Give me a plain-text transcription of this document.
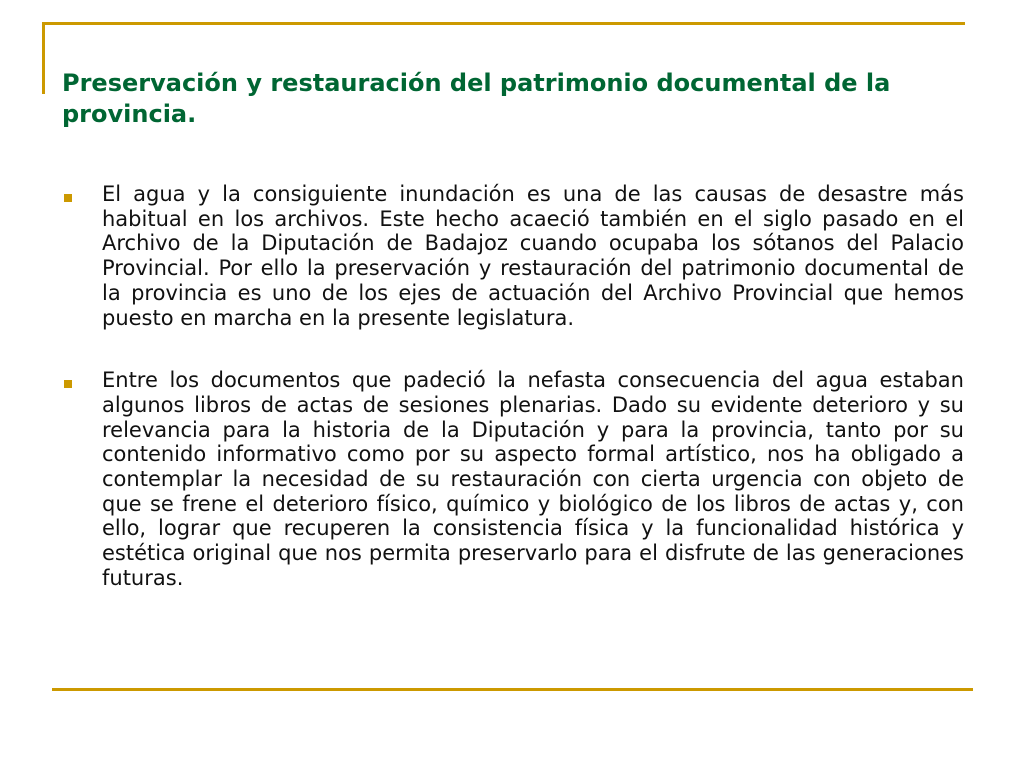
Preservación y restauración del patrimonio documental de la provincia.
El agua y la consiguiente inundación es una de las causas de desastre más habitual en los archivos. Este hecho acaeció también en el siglo pasado en el Archivo de la Diputación de Badajoz cuando ocupaba los sótanos del Palacio Provincial. Por ello la preservación y restauración del patrimonio documental de la provincia es uno de los ejes de actuación del Archivo Provincial que hemos puesto en marcha en la presente legislatura.
Entre los documentos que padeció la nefasta consecuencia del agua estaban algunos libros de actas de sesiones plenarias. Dado su evidente deterioro y su relevancia para la historia de la Diputación y para la provincia, tanto por su contenido informativo como por su aspecto formal artístico, nos ha obligado a contemplar la necesidad de su restauración con cierta urgencia con objeto de que se frene el deterioro físico, químico y biológico de los libros de actas y, con ello, lograr que recuperen la consistencia física y la funcionalidad histórica y estética original que nos permita preservarlo para el disfrute de las generaciones futuras.
